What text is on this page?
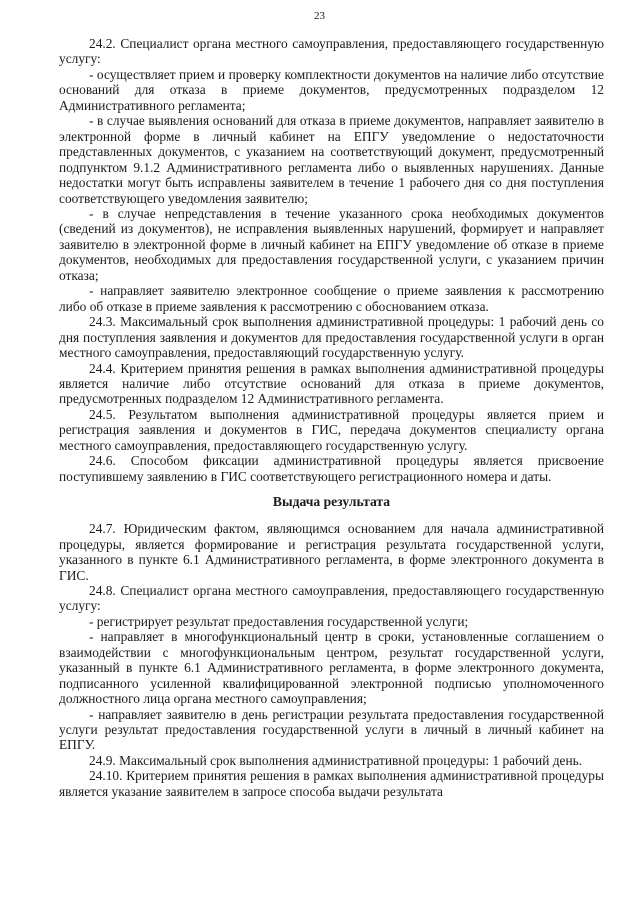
23

24.2. Специалист органа местного самоуправления, предоставляющего государственную услугу:

- осуществляет прием и проверку комплектности документов на наличие либо отсутствие оснований для отказа в приеме документов, предусмотренных подразделом 12 Административного регламента;

- в случае выявления оснований для отказа в приеме документов, направляет заявителю в электронной форме в личный кабинет на ЕПГУ уведомление о недостаточности представленных документов, с указанием на соответствующий документ, предусмотренный подпунктом 9.1.2 Административного регламента либо о выявленных нарушениях. Данные недостатки могут быть исправлены заявителем в течение 1 рабочего дня со дня поступления соответствующего уведомления заявителю;

- в случае непредставления в течение указанного срока необходимых документов (сведений из документов), не исправления выявленных нарушений, формирует и направляет заявителю в электронной форме в личный кабинет на ЕПГУ уведомление об отказе в приеме документов, необходимых для предоставления государственной услуги, с указанием причин отказа;

- направляет заявителю электронное сообщение о приеме заявления к рассмотрению либо об отказе в приеме заявления к рассмотрению с обоснованием отказа.

24.3. Максимальный срок выполнения административной процедуры: 1 рабочий день со дня поступления заявления и документов для предоставления государственной услуги в орган местного самоуправления, предоставляющий государственную услугу.

24.4. Критерием принятия решения в рамках выполнения административной процедуры является наличие либо отсутствие оснований для отказа в приеме документов, предусмотренных подразделом 12 Административного регламента.

24.5. Результатом выполнения административной процедуры является прием и регистрация заявления и документов в ГИС, передача документов специалисту органа местного самоуправления, предоставляющего государственную услугу.

24.6. Способом фиксации административной процедуры является присвоение поступившему заявлению в ГИС соответствующего регистрационного номера и даты.

Выдача результата

24.7. Юридическим фактом, являющимся основанием для начала административной процедуры, является формирование и регистрация результата государственной услуги, указанного в пункте 6.1 Административного регламента, в форме электронного документа в ГИС.

24.8. Специалист органа местного самоуправления, предоставляющего государственную услугу:

- регистрирует результат предоставления государственной услуги;

- направляет в многофункциональный центр в сроки, установленные соглашением о взаимодействии с многофункциональным центром, результат государственной услуги, указанный в пункте 6.1 Административного регламента, в форме электронного документа, подписанного усиленной квалифицированной электронной подписью уполномоченного должностного лица органа местного самоуправления;

- направляет заявителю в день регистрации результата предоставления государственной услуги результат предоставления государственной услуги в личный в личный кабинет на ЕПГУ.

24.9. Максимальный срок выполнения административной процедуры: 1 рабочий день.

24.10. Критерием принятия решения в рамках выполнения административной процедуры является указание заявителем в запросе способа выдачи результата
